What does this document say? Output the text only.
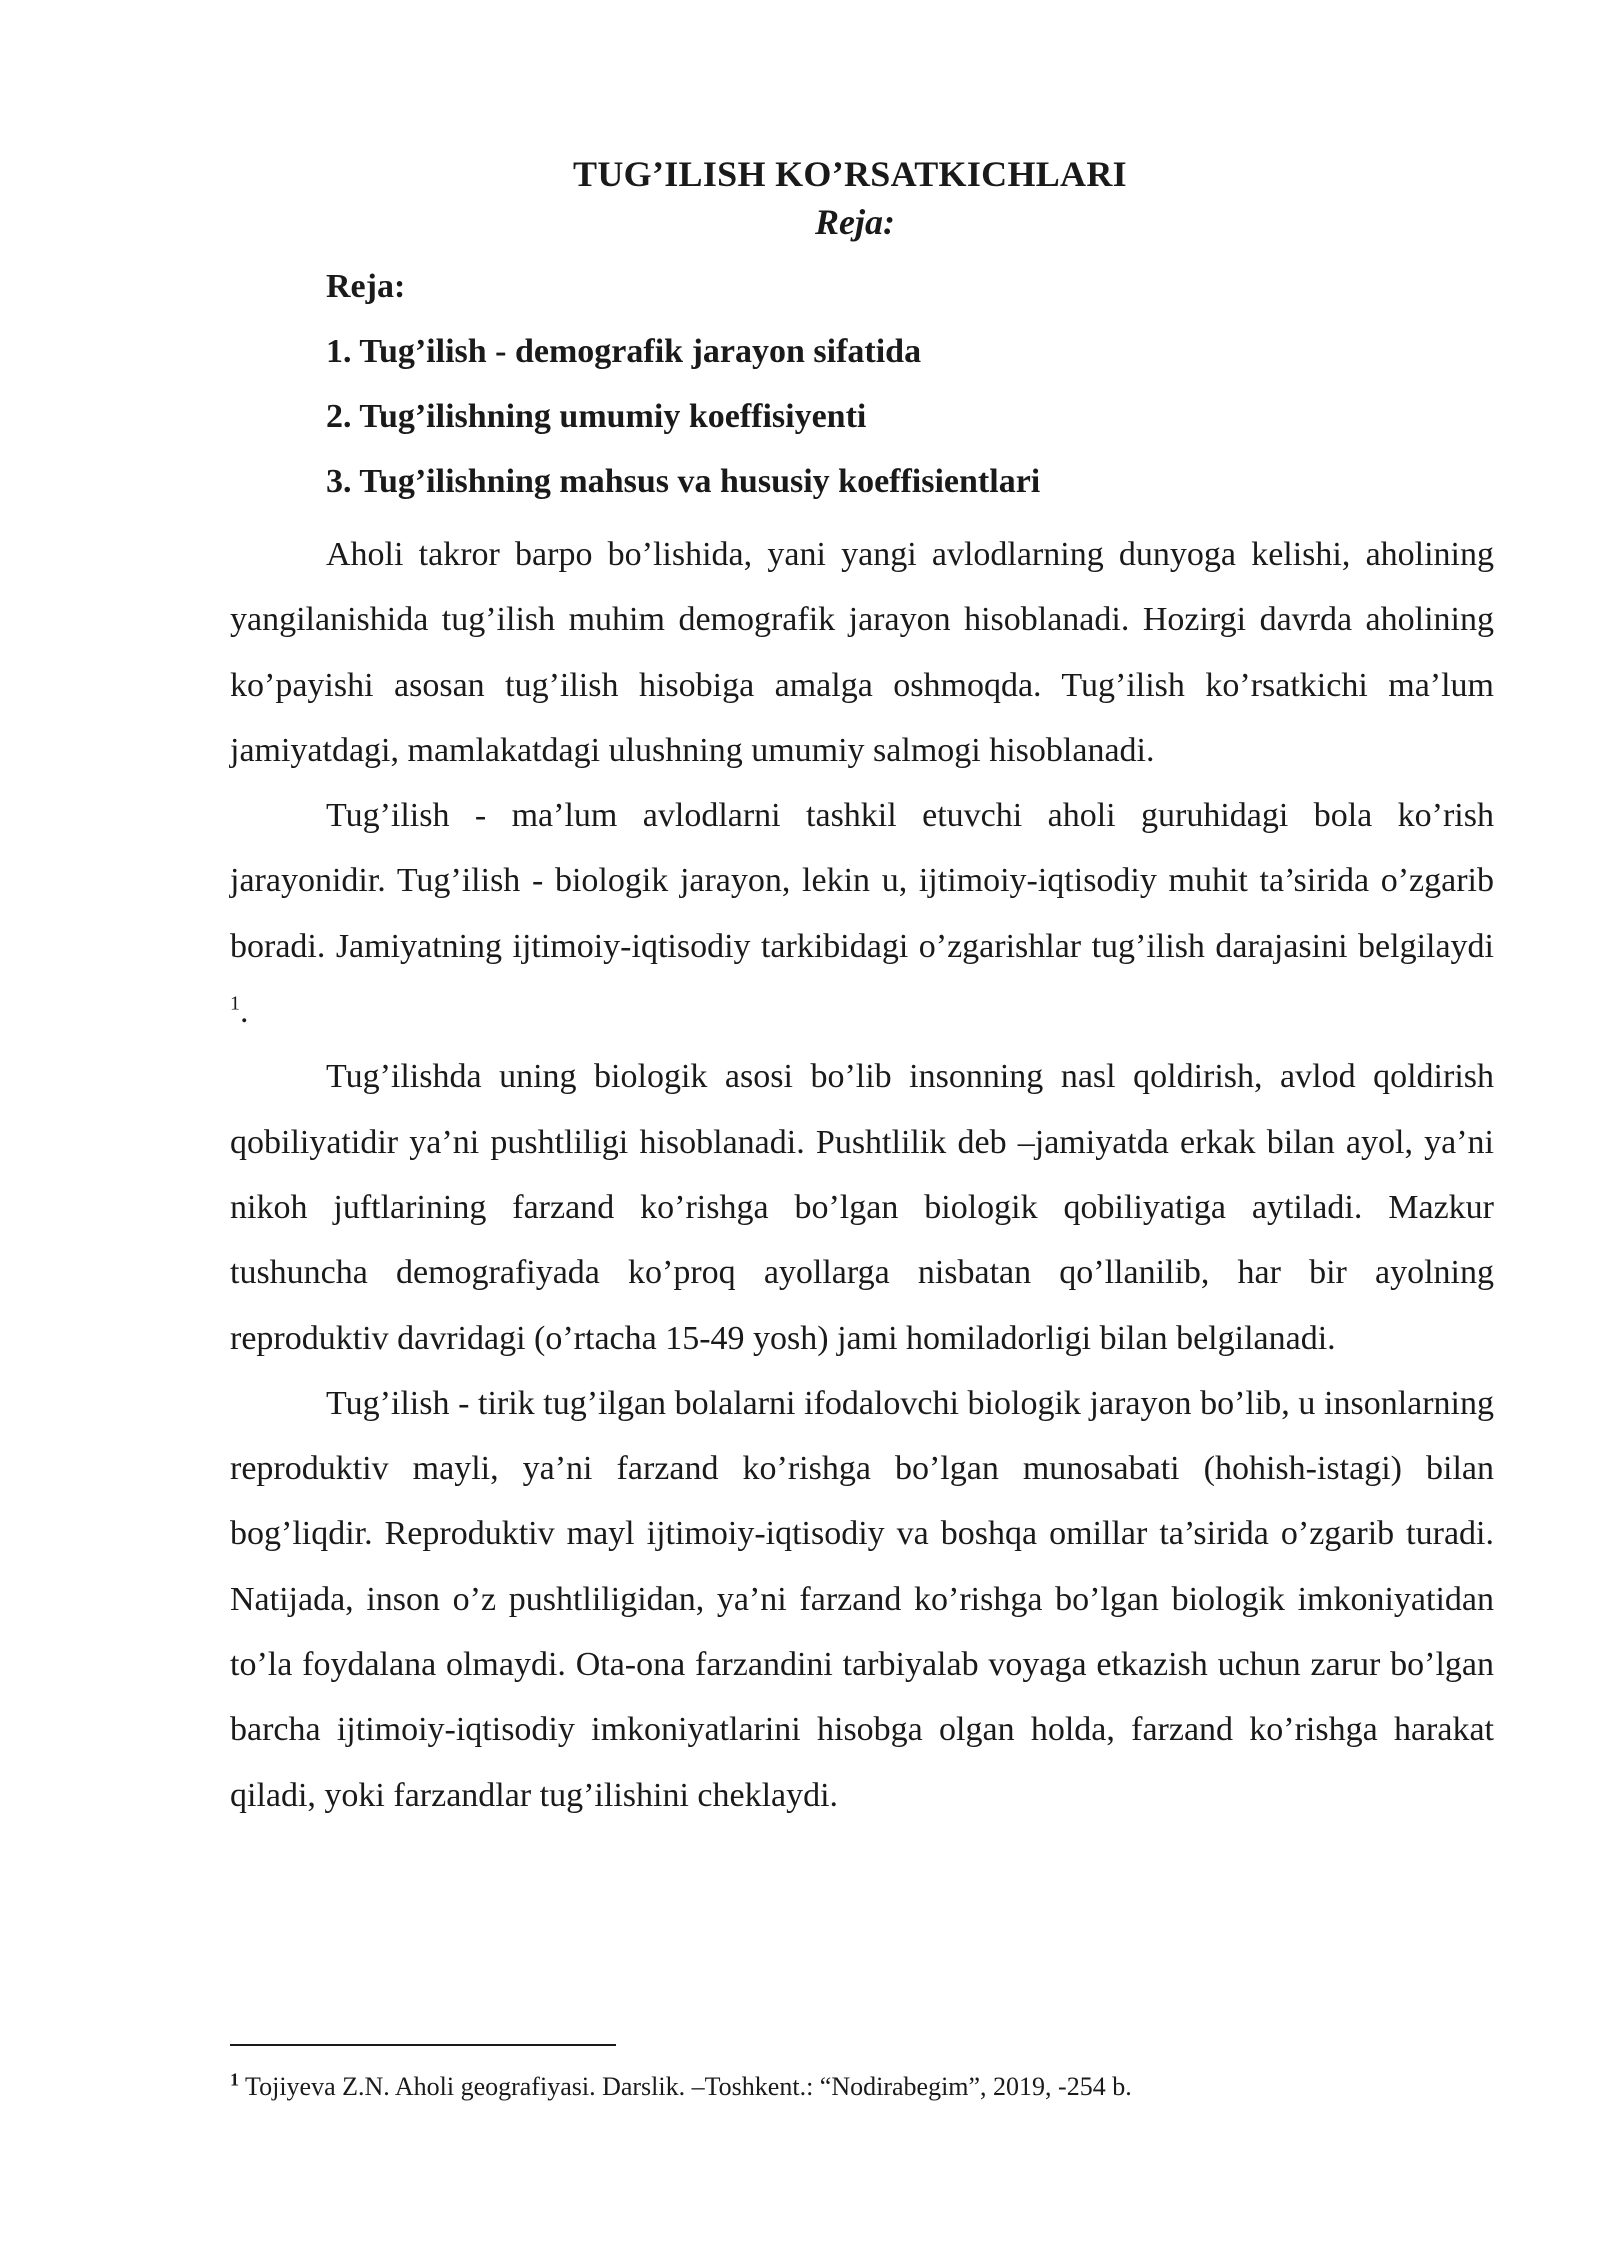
TUG’ILISH KO’RSATKICHLARI
Reja:
Reja:
1. Tug’ilish - demografik jarayon sifatida
2. Tug’ilishning umumiy koeffisiyenti
3. Tug’ilishning mahsus va hususiy koeffisientlari

Aholi takror barpo bo’lishida, yani yangi avlodlarning dunyoga kelishi, aholining yangilanishida tug’ilish muhim demografik jarayon hisoblanadi. Hozirgi davrda aholining ko’payishi asosan tug’ilish hisobiga amalga oshmoqda. Tug’ilish ko’rsatkichi ma’lum jamiyatdagi, mamlakatdagi ulushning umumiy salmogi hisoblanadi.

Tug’ilish - ma’lum avlodlarni tashkil etuvchi aholi guruhidagi bola ko’rish jarayonidir. Tug’ilish - biologik jarayon, lekin u, ijtimoiy-iqtisodiy muhit ta’sirida o’zgarib boradi. Jamiyatning ijtimoiy-iqtisodiy tarkibidagi o’zgarishlar tug’ilish darajasini belgilaydi $^1$.

Tug’ilishda uning biologik asosi bo’lib insonning nasl qoldirish, avlod qoldirish qobiliyatidir ya’ni pushtliligi hisoblanadi. Pushtlilik deb –jamiyatda erkak bilan ayol, ya’ni nikoh juftlarining farzand ko’rishga bo’lgan biologik qobiliyatiga aytiladi. Mazkur tushuncha demografiyada ko’proq ayollarga nisbatan qo’llanilib, har bir ayolning reproduktiv davridagi (o’rtacha 15-49 yosh) jami homiladorligi bilan belgilanadi.

Tug’ilish - tirik tug’ilgan bolalarni ifodalovchi biologik jarayon bo’lib, u insonlarning reproduktiv mayli, ya’ni farzand ko’rishga bo’lgan munosabati (hohish-istagi) bilan bog’liqdir. Reproduktiv mayl ijtimoiy-iqtisodiy va boshqa omillar ta’sirida o’zgarib turadi. Natijada, inson o’z pushtliligidan, ya’ni farzand ko’rishga bo’lgan biologik imkoniyatidan to’la foydalana olmaydi. Ota-ona farzandini tarbiyalab voyaga etkazish uchun zarur bo’lgan barcha ijtimoiy-iqtisodiy imkoniyatlarini hisobga olgan holda, farzand ko’rishga harakat qiladi, yoki farzandlar tug’ilishini cheklaydi.

$^1$ Tojiyeva Z.N. Aholi geografiyasi. Darslik. –Toshkent.: “Nodirabegim”, 2019, -254 b.
